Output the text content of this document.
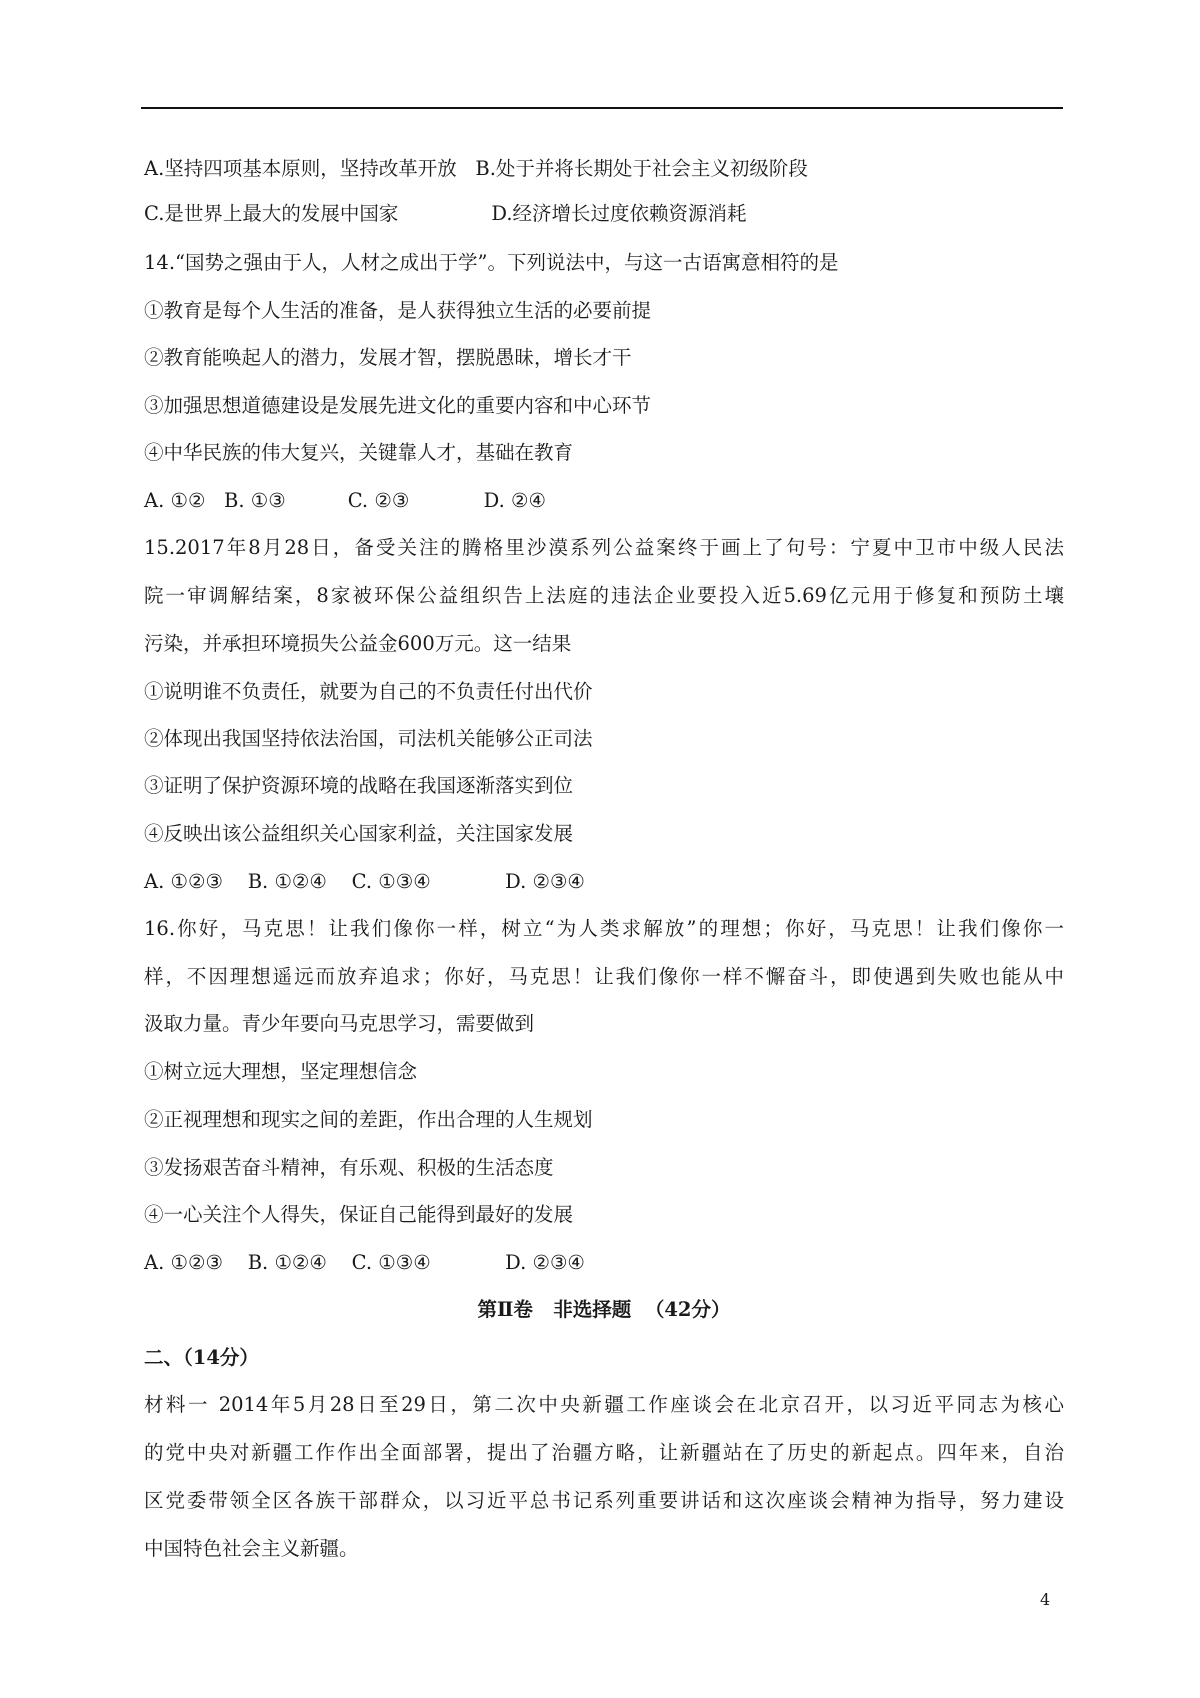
A.坚持四项基本原则，坚持改革开放   B.处于并将长期处于社会主义初级阶段
C.是世界上最大的发展中国家               D.经济增长过度依赖资源消耗
14.“国势之强由于人，人材之成出于学”。下列说法中，与这一古语寓意相符的是
①教育是每个人生活的准备，是人获得独立生活的必要前提
②教育能唤起人的潜力，发展才智，摆脱愚昧，增长才干
③加强思想道德建设是发展先进文化的重要内容和中心环节
④中华民族的伟大复兴，关键靠人才，基础在教育
A. ①②   B. ①③          C. ②③            D. ②④
15.2017年8月28日，备受关注的腾格里沙漠系列公益案终于画上了句号：宁夏中卫市中级人民法
院一审调解结案，8家被环保公益组织告上法庭的违法企业要投入近5.69亿元用于修复和预防土壤
污染，并承担环境损失公益金600万元。这一结果
①说明谁不负责任，就要为自己的不负责任付出代价
②体现出我国坚持依法治国，司法机关能够公正司法
③证明了保护资源环境的战略在我国逐渐落实到位
④反映出该公益组织关心国家利益，关注国家发展
A. ①②③    B. ①②④    C. ①③④            D. ②③④
16.你好，马克思！让我们像你一样，树立“为人类求解放”的理想；你好，马克思！让我们像你一
样，不因理想遥远而放弃追求；你好，马克思！让我们像你一样不懈奋斗，即使遇到失败也能从中
汲取力量。青少年要向马克思学习，需要做到
①树立远大理想，坚定理想信念
②正视理想和现实之间的差距，作出合理的人生规划
③发扬艰苦奋斗精神，有乐观、积极的生活态度
④一心关注个人得失，保证自己能得到最好的发展
A. ①②③    B. ①②④    C. ①③④            D. ②③④
第Ⅱ卷   非选择题  （42分）
二、（14分）
材料一 2014年5月28日至29日，第二次中央新疆工作座谈会在北京召开，以习近平同志为核心
的党中央对新疆工作作出全面部署，提出了治疆方略，让新疆站在了历史的新起点。四年来，自治
区党委带领全区各族干部群众，以习近平总书记系列重要讲话和这次座谈会精神为指导，努力建设
中国特色社会主义新疆。
4
